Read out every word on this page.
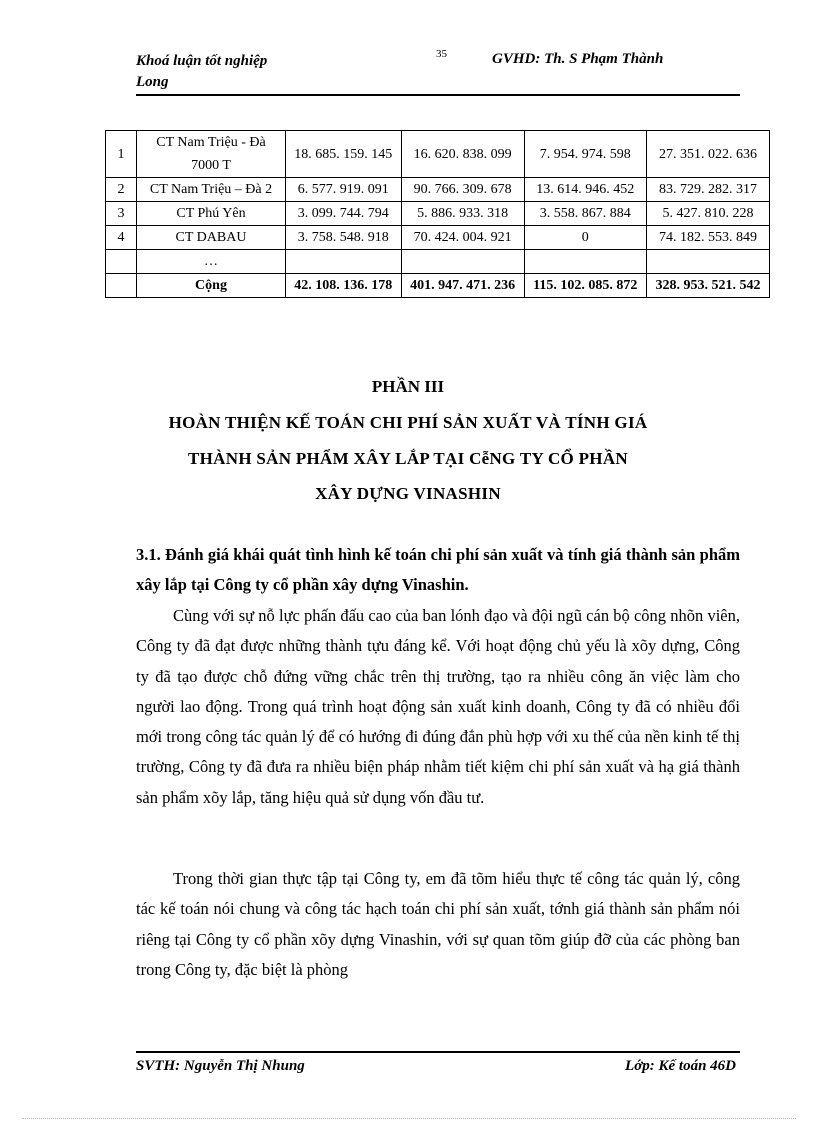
Khoá luận tốt nghiệp
Long
35	GVHD: Th. S Phạm Thành
1	CT Nam Triệu - Đà 7000 T	18. 685. 159. 145	16. 620. 838. 099	7. 954. 974. 598	27. 351. 022. 636
2	CT Nam Triệu – Đà 2	6. 577. 919. 091	90. 766. 309. 678	13. 614. 946. 452	83. 729. 282. 317
3	CT Phú Yên	3. 099. 744. 794	5. 886. 933. 318	3. 558. 867. 884	5. 427. 810. 228
4	CT DABAU	3. 758. 548. 918	70. 424. 004. 921	0	74. 182. 553. 849
	…				
	Cộng	42. 108. 136. 178	401. 947. 471. 236	115. 102. 085. 872	328. 953. 521. 542
PHẦN III
HOÀN THIỆN KẾ TOÁN CHI PHÍ SẢN XUẤT VÀ TÍNH GIÁ
THÀNH SẢN PHẨM XÂY LẮP TẠI CễNG TY CỔ PHẦN
XÂY DỰNG VINASHIN
3.1. Đánh giá khái quát tình hình kế toán chi phí sản xuất và tính giá thành sản phẩm xây lắp tại Công ty cổ phần xây dựng Vinashin.
Cùng với sự nỗ lực phấn đấu cao của ban lónh đạo và đội ngũ cán bộ công nhõn viên, Công ty đã đạt được những thành tựu đáng kể. Với hoạt động chủ yếu là xõy dựng, Công ty đã tạo được chỗ đứng vững chắc trên thị trường, tạo ra nhiều công ăn việc làm cho người lao động. Trong quá trình hoạt động sản xuất kinh doanh, Công ty đã có nhiều đổi mới trong công tác quản lý để có hướng đi đúng đắn phù hợp với xu thế của nền kinh tế thị trường, Công ty đã đưa ra nhiều biện pháp nhằm tiết kiệm chi phí sản xuất và hạ giá thành sản phẩm xõy lắp, tăng hiệu quả sử dụng vốn đầu tư.
Trong thời gian thực tập tại Công ty, em đã tõm hiểu thực tế công tác quản lý, công tác kế toán nói chung và công tác hạch toán chi phí sản xuất, tớnh giá thành sản phẩm nói riêng tại Công ty cổ phần xõy dựng Vinashin, với sự quan tõm giúp đỡ của các phòng ban trong Công ty, đặc biệt là phòng
SVTH: Nguyễn Thị Nhung	Lớp: Kế toán 46D
